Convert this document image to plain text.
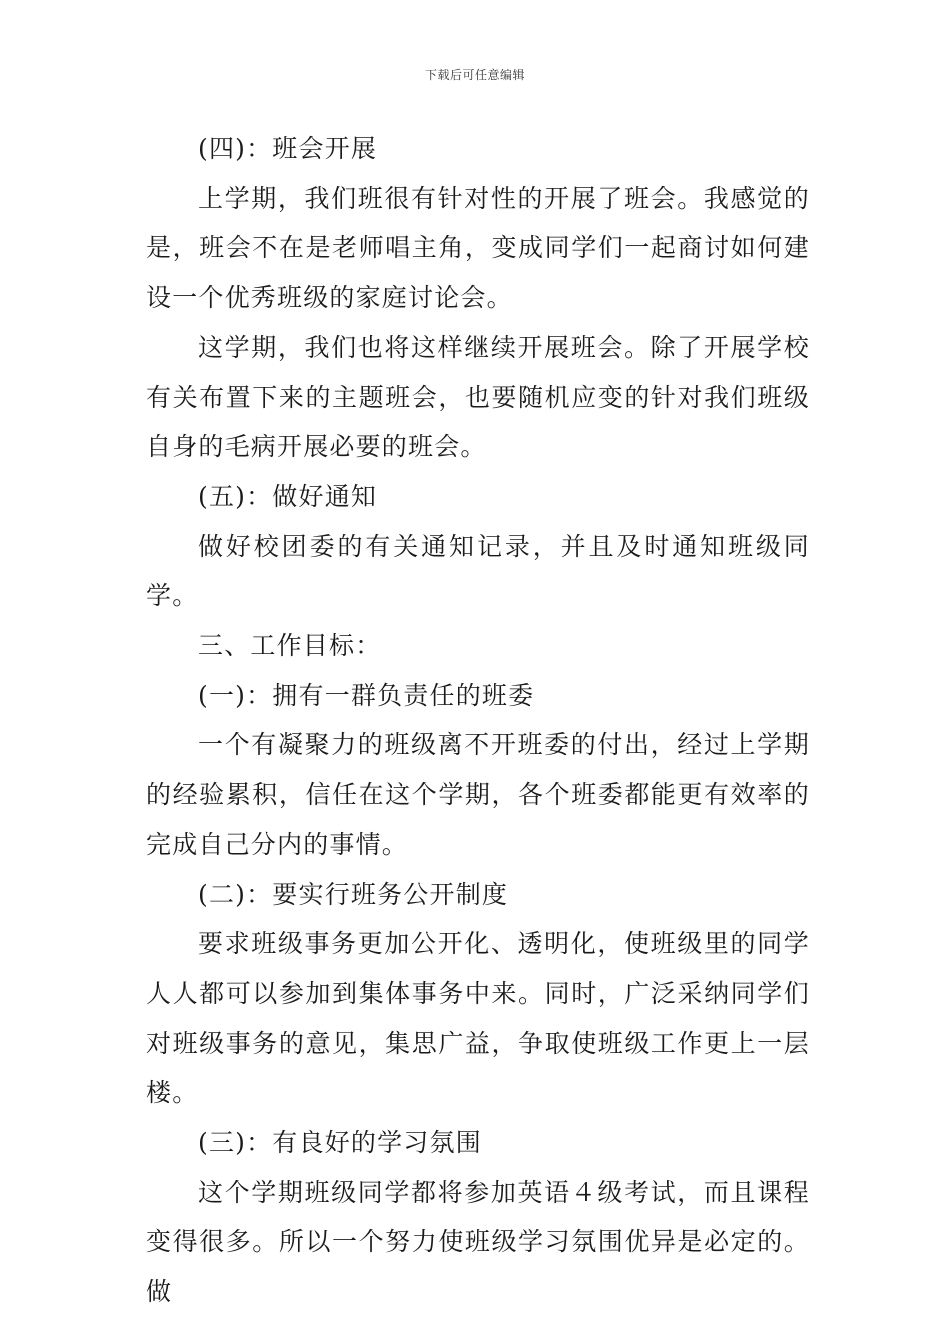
下载后可任意编辑

(四)：班会开展

上学期，我们班很有针对性的开展了班会。我感觉的是，班会不在是老师唱主角，变成同学们一起商讨如何建设一个优秀班级的家庭讨论会。

这学期，我们也将这样继续开展班会。除了开展学校有关布置下来的主题班会，也要随机应变的针对我们班级自身的毛病开展必要的班会。

(五)：做好通知

做好校团委的有关通知记录，并且及时通知班级同学。

三、工作目标：

(一)：拥有一群负责任的班委

一个有凝聚力的班级离不开班委的付出，经过上学期的经验累积，信任在这个学期，各个班委都能更有效率的完成自己分内的事情。

(二)：要实行班务公开制度

要求班级事务更加公开化、透明化，使班级里的同学人人都可以参加到集体事务中来。同时，广泛采纳同学们对班级事务的意见，集思广益，争取使班级工作更上一层楼。

(三)：有良好的学习氛围

这个学期班级同学都将参加英语４级考试，而且课程变得很多。所以一个努力使班级学习氛围优异是必定的。做
